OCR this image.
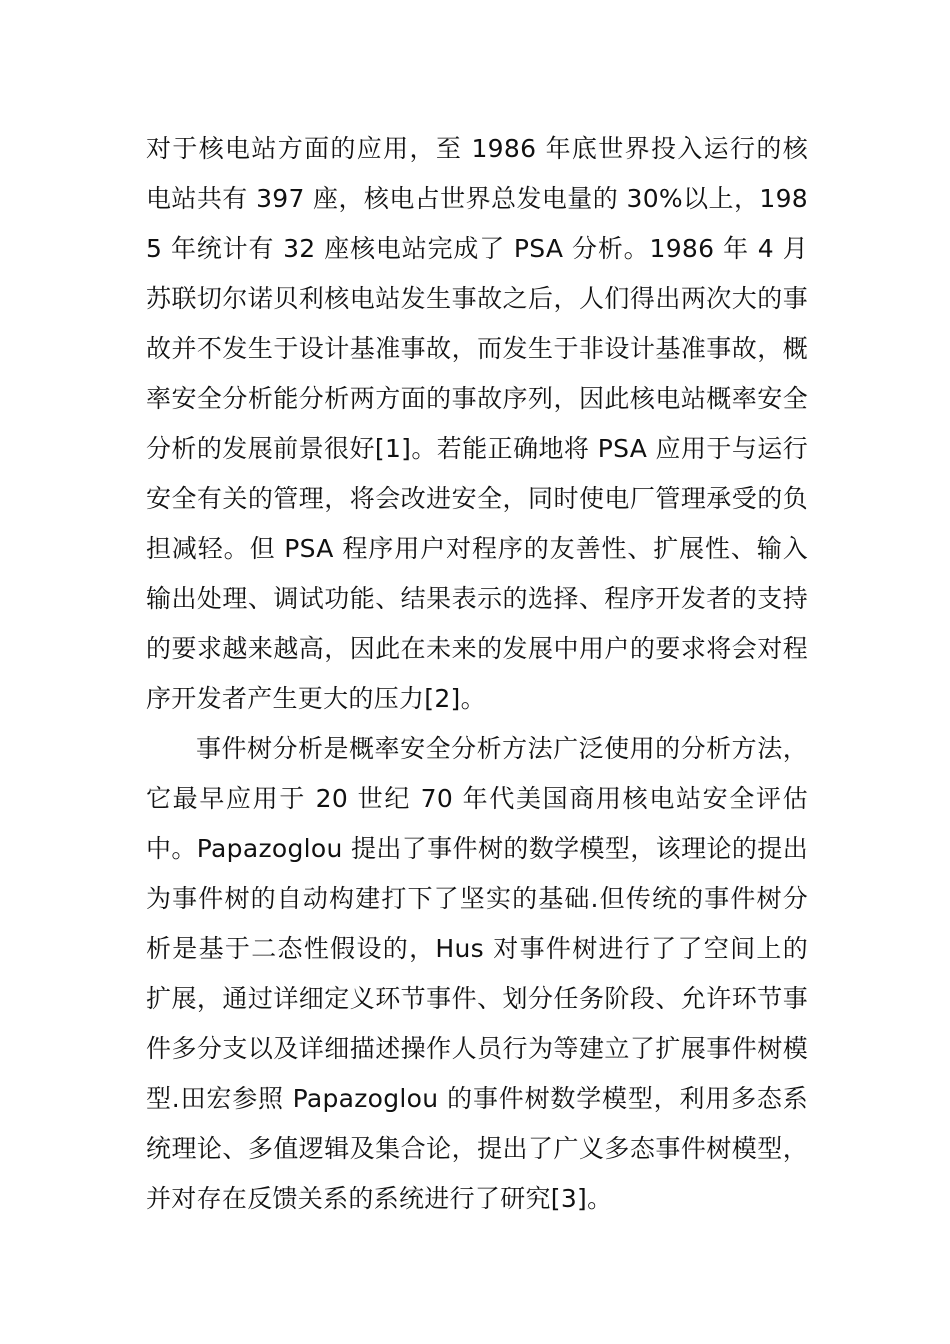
对于核电站方面的应用，至 1986 年底世界投入运行的核电站共有 397 座，核电占世界总发电量的 30%以上，1985 年统计有 32 座核电站完成了 PSA 分析。1986 年 4 月苏联切尔诺贝利核电站发生事故之后，人们得出两次大的事故并不发生于设计基准事故，而发生于非设计基准事故，概率安全分析能分析两方面的事故序列，因此核电站概率安全分析的发展前景很好[1]。若能正确地将 PSA 应用于与运行安全有关的管理，将会改进安全，同时使电厂管理承受的负担减轻。但 PSA 程序用户对程序的友善性、扩展性、输入输出处理、调试功能、结果表示的选择、程序开发者的支持的要求越来越高，因此在未来的发展中用户的要求将会对程序开发者产生更大的压力[2]。

事件树分析是概率安全分析方法广泛使用的分析方法，它最早应用于 20 世纪 70 年代美国商用核电站安全评估中。Papazoglou 提出了事件树的数学模型，该理论的提出为事件树的自动构建打下了坚实的基础.但传统的事件树分析是基于二态性假设的，Hus 对事件树进行了了空间上的扩展，通过详细定义环节事件、划分任务阶段、允许环节事件多分支以及详细描述操作人员行为等建立了扩展事件树模型.田宏参照 Papazoglou 的事件树数学模型，利用多态系统理论、多值逻辑及集合论，提出了广义多态事件树模型，并对存在反馈关系的系统进行了研究[3]。
